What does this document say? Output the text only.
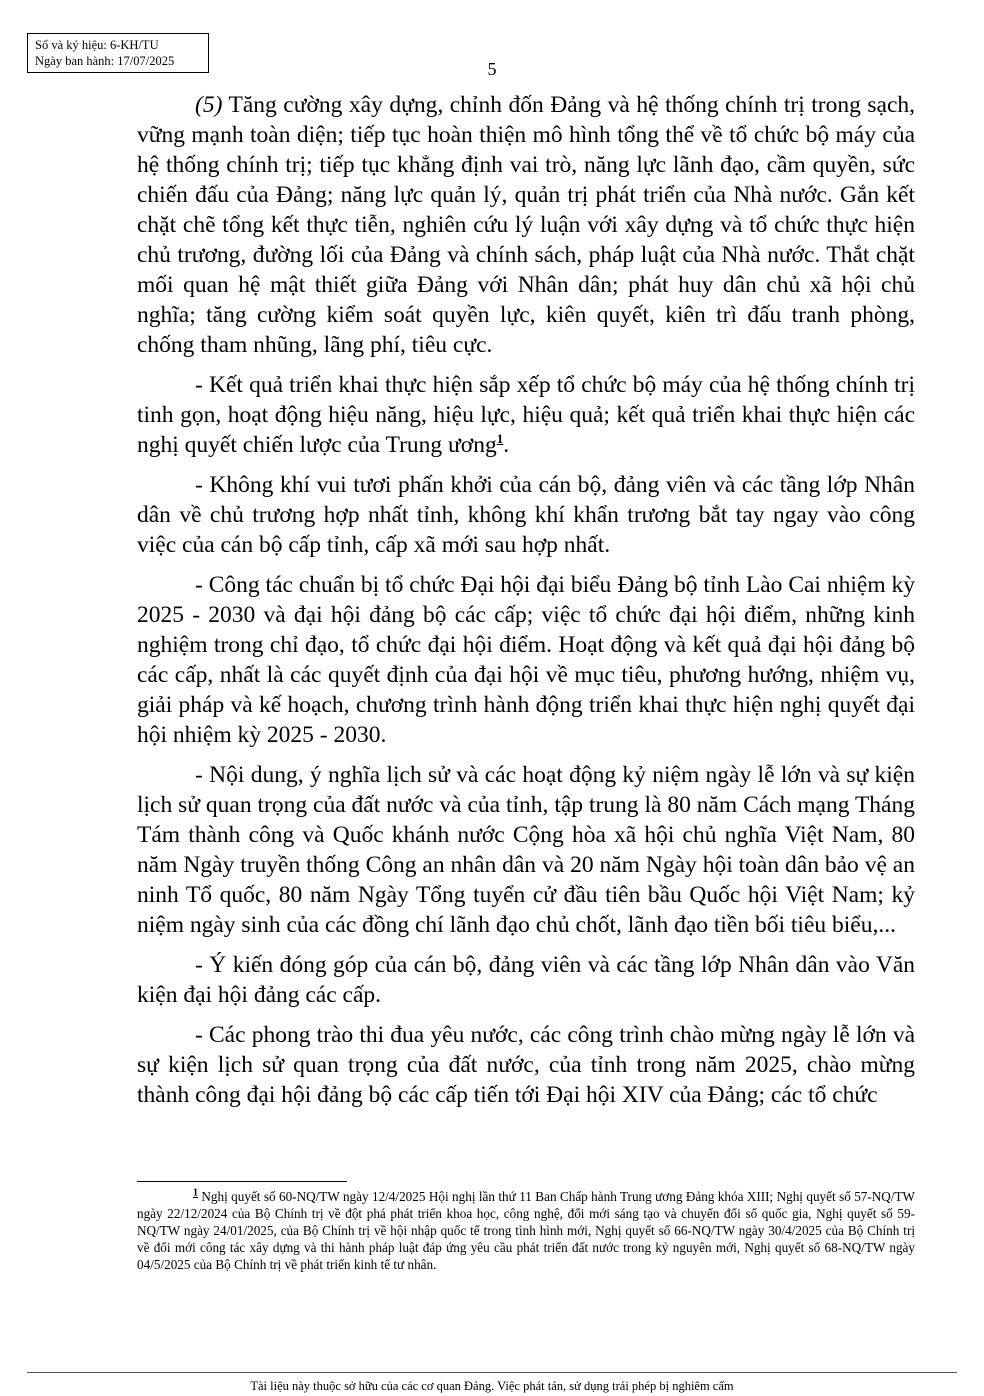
Số và ký hiệu: 6-KH/TU
Ngày ban hành: 17/07/2025	5

(5) Tăng cường xây dựng, chỉnh đốn Đảng và hệ thống chính trị trong sạch, vững mạnh toàn diện; tiếp tục hoàn thiện mô hình tổng thể về tổ chức bộ máy của hệ thống chính trị; tiếp tục khẳng định vai trò, năng lực lãnh đạo, cầm quyền, sức chiến đấu của Đảng; năng lực quản lý, quản trị phát triển của Nhà nước. Gắn kết chặt chẽ tổng kết thực tiễn, nghiên cứu lý luận với xây dựng và tổ chức thực hiện chủ trương, đường lối của Đảng và chính sách, pháp luật của Nhà nước. Thắt chặt mối quan hệ mật thiết giữa Đảng với Nhân dân; phát huy dân chủ xã hội chủ nghĩa; tăng cường kiểm soát quyền lực, kiên quyết, kiên trì đấu tranh phòng, chống tham nhũng, lãng phí, tiêu cực.

- Kết quả triển khai thực hiện sắp xếp tổ chức bộ máy của hệ thống chính trị tinh gọn, hoạt động hiệu năng, hiệu lực, hiệu quả; kết quả triển khai thực hiện các nghị quyết chiến lược của Trung ương$^1$.

- Không khí vui tươi phấn khởi của cán bộ, đảng viên và các tầng lớp Nhân dân về chủ trương hợp nhất tỉnh, không khí khẩn trương bắt tay ngay vào công việc của cán bộ cấp tỉnh, cấp xã mới sau hợp nhất.

- Công tác chuẩn bị tổ chức Đại hội đại biểu Đảng bộ tỉnh Lào Cai nhiệm kỳ 2025 - 2030 và đại hội đảng bộ các cấp; việc tổ chức đại hội điểm, những kinh nghiệm trong chỉ đạo, tổ chức đại hội điểm. Hoạt động và kết quả đại hội đảng bộ các cấp, nhất là các quyết định của đại hội về mục tiêu, phương hướng, nhiệm vụ, giải pháp và kế hoạch, chương trình hành động triển khai thực hiện nghị quyết đại hội nhiệm kỳ 2025 - 2030.

- Nội dung, ý nghĩa lịch sử và các hoạt động kỷ niệm ngày lễ lớn và sự kiện lịch sử quan trọng của đất nước và của tỉnh, tập trung là 80 năm Cách mạng Tháng Tám thành công và Quốc khánh nước Cộng hòa xã hội chủ nghĩa Việt Nam, 80 năm Ngày truyền thống Công an nhân dân và 20 năm Ngày hội toàn dân bảo vệ an ninh Tổ quốc, 80 năm Ngày Tổng tuyển cử đầu tiên bầu Quốc hội Việt Nam; kỷ niệm ngày sinh của các đồng chí lãnh đạo chủ chốt, lãnh đạo tiền bối tiêu biểu,...

- Ý kiến đóng góp của cán bộ, đảng viên và các tầng lớp Nhân dân vào Văn kiện đại hội đảng các cấp.

- Các phong trào thi đua yêu nước, các công trình chào mừng ngày lễ lớn và sự kiện lịch sử quan trọng của đất nước, của tỉnh trong năm 2025, chào mừng thành công đại hội đảng bộ các cấp tiến tới Đại hội XIV của Đảng; các tổ chức

$^1$ Nghị quyết số 60-NQ/TW ngày 12/4/2025 Hội nghị lần thứ 11 Ban Chấp hành Trung ương Đảng khóa XIII; Nghị quyết số 57-NQ/TW ngày 22/12/2024 của Bộ Chính trị về đột phá phát triển khoa học, công nghệ, đổi mới sáng tạo và chuyển đổi số quốc gia, Nghị quyết số 59-NQ/TW ngày 24/01/2025, của Bộ Chính trị về hội nhập quốc tế trong tình hình mới, Nghị quyết số 66-NQ/TW ngày 30/4/2025 của Bộ Chính trị về đổi mới công tác xây dựng và thi hành pháp luật đáp ứng yêu cầu phát triển đất nước trong kỷ nguyên mới, Nghị quyết số 68-NQ/TW ngày 04/5/2025 của Bộ Chính trị về phát triển kinh tế tư nhân.

Tài liệu này thuộc sở hữu của các cơ quan Đảng. Việc phát tán, sử dụng trái phép bị nghiêm cấm
